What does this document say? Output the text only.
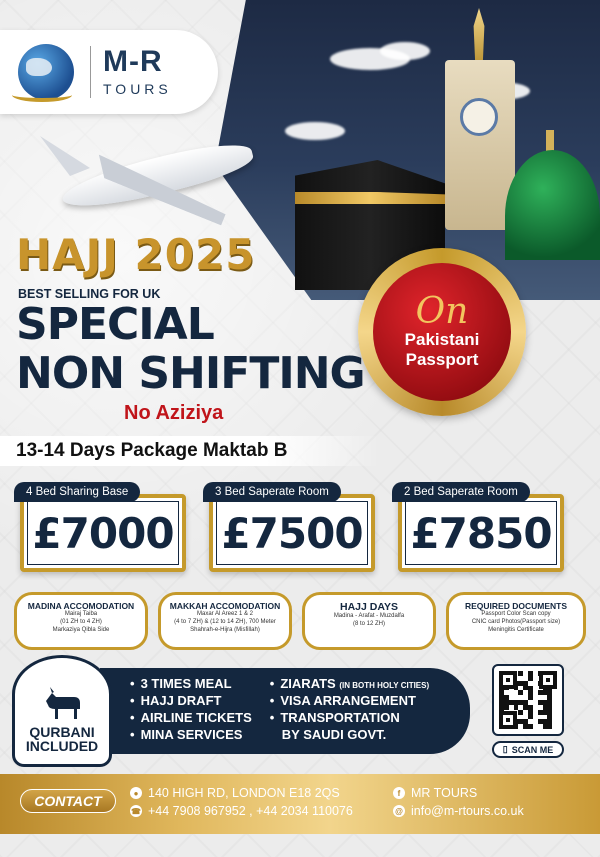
M-R
TOURS
HAJJ 2025
BEST SELLING FOR UK
SPECIAL
NON SHIFTING
No Aziziya
On
Pakistani
Passport
13-14 Days Package Maktab B
4 Bed Sharing Base
£7000
3 Bed Saperate Room
£7500
2 Bed Saperate Room
£7850
MADINA ACCOMODATION
Mairaj Taiba
(01 ZH to 4 ZH)
Markaziya Qibla Side
MAKKAH ACCOMODATION
Maxar Al Areez 1 & 2
(4 to 7 ZH) & (12 to 14 ZH), 700 Meter
Shahrah-e-Hijra (Misfillah)
HAJJ DAYS
Madina - Arafat - Muzdalfa
(8 to 12 ZH)
REQUIRED DOCUMENTS
Passport Color Scan copy
CNIC card Photos(Passport size)
Meningitis Certificate
• 3 TIMES MEAL
• HAJJ DRAFT
• AIRLINE TICKETS
• MINA SERVICES
• ZIARATS (IN BOTH HOLY CITIES)
• VISA ARRANGEMENT
• TRANSPORTATION
BY SAUDI GOVT.
QURBANI
INCLUDED	▯ SCAN ME
CONTACT	● 140 HIGH RD, LONDON E18 2QS
☎ +44 7908 967952 , +44 2034 110076
f MR TOURS
@ info@m-rtours.co.uk
